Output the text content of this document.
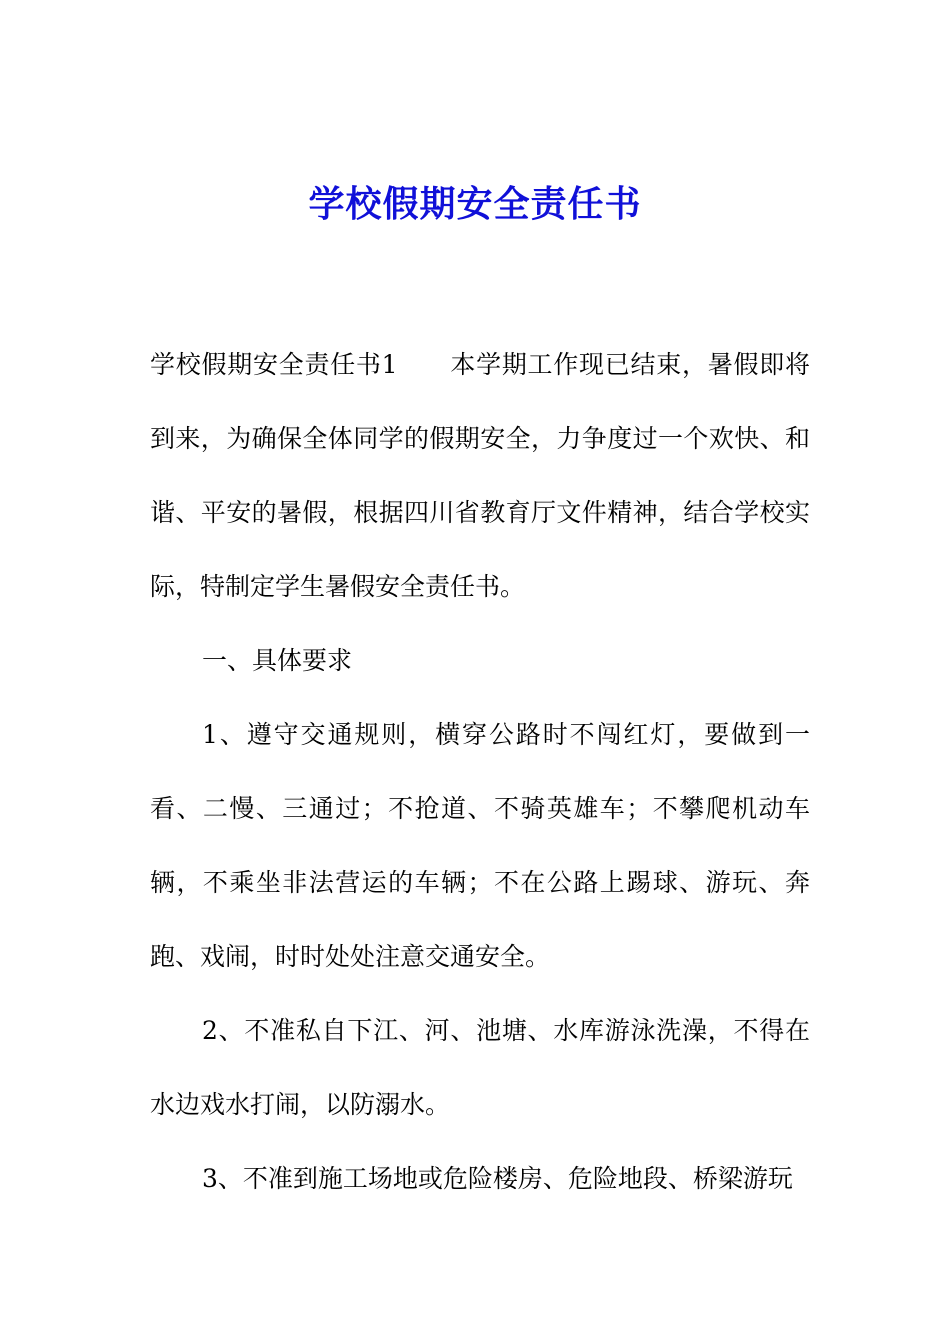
学校假期安全责任书

学校假期安全责任书1 本学期工作现已结束，暑假即将到来，为确保全体同学的假期安全，力争度过一个欢快、和谐、平安的暑假，根据四川省教育厅文件精神，结合学校实际，特制定学生暑假安全责任书。

一、具体要求

1、遵守交通规则，横穿公路时不闯红灯，要做到一看、二慢、三通过；不抢道、不骑英雄车；不攀爬机动车辆，不乘坐非法营运的车辆；不在公路上踢球、游玩、奔跑、戏闹，时时处处注意交通安全。

2、不准私自下江、河、池塘、水库游泳洗澡，不得在水边戏水打闹，以防溺水。

3、不准到施工场地或危险楼房、危险地段、桥梁游玩
